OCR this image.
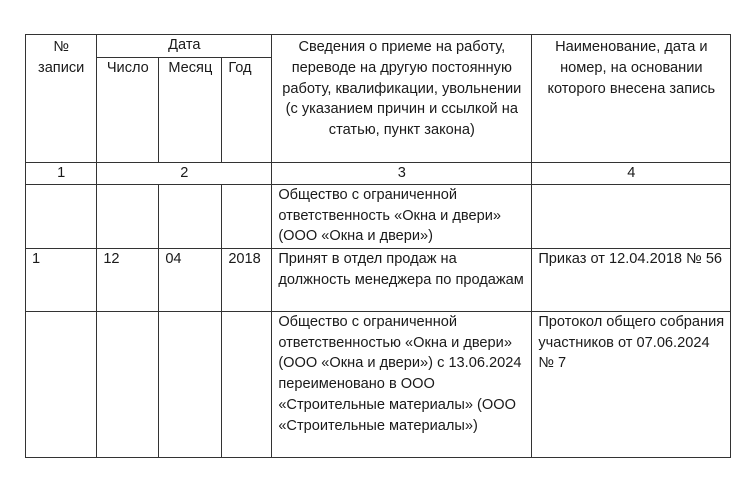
№ записи	Дата			Сведения о приеме на работу, переводе на другую постоянную работу, квалификации, увольнении (с указанием причин и ссылкой на статью, пункт закона)	Наименование, дата и номер, на основании которого внесена запись
	Число	Месяц	Год		
1	2			3	4
				Общество с ограниченной ответственность «Окна и двери» (ООО «Окна и двери»)	
1	12	04	2018	Принят в отдел продаж на должность менеджера по продажам	Приказ от 12.04.2018 № 56
				Общество с ограниченной ответственностью «Окна и двери» (ООО «Окна и двери») с 13.06.2024 переименовано в ООО «Строительные материалы» (ООО «Строительные материалы»)	Протокол общего собрания участников от 07.06.2024 № 7
